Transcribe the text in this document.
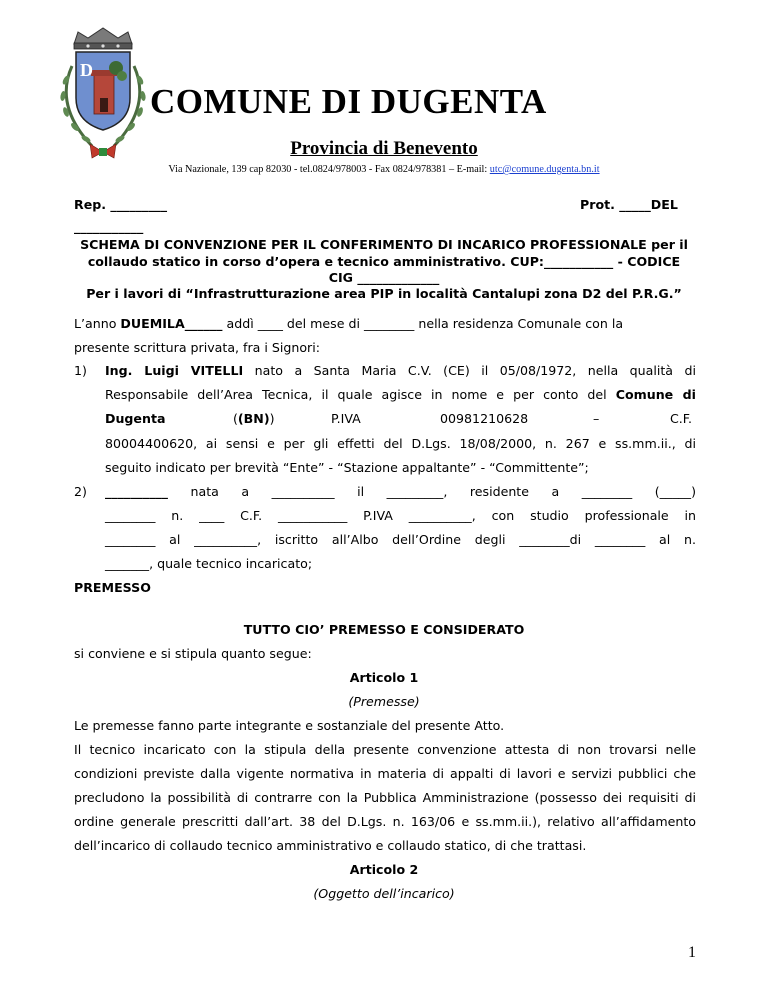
D
COMUNE DI DUGENTA
Provincia di Benevento
Via Nazionale, 139 cap 82030 - tel.0824/978003 - Fax 0824/978381 – E-mail: utc@comune.dugenta.bn.it
Rep. _________	Prot. _____DEL
___________
SCHEMA DI CONVENZIONE PER IL CONFERIMENTO DI INCARICO PROFESSIONALE per il
collaudo statico in corso d’opera e tecnico amministrativo. CUP:___________ - CODICE
CIG _____________
Per i lavori di “Infrastrutturazione area PIP in località Cantalupi zona D2 del P.R.G.”
L’anno DUEMILA______ addì ____ del mese di ________ nella residenza Comunale con la
presente scrittura privata, fra i Signori:
1) Ing. Luigi VITELLI nato a Santa Maria C.V. (CE) il 05/08/1972, nella qualità di
Responsabile dell’Area Tecnica, il quale agisce in nome e per conto del Comune di
Dugenta	((BN))	P.IVA	00981210628	–	C.F.
80004400620, ai sensi e per gli effetti del D.Lgs. 18/08/2000, n. 267 e ss.mm.ii., di
seguito indicato per brevità “Ente” - “Stazione appaltante” - “Committente”;
2) __________ nata a __________ il _________, residente a ________ (_____)
________ n. ____ C.F. ___________ P.IVA __________, con studio professionale in
________ al __________, iscritto all’Albo dell’Ordine degli ________di ________ al n.
_______, quale tecnico incaricato;
PREMESSO
TUTTO CIO’ PREMESSO E CONSIDERATO
si conviene e si stipula quanto segue:
Articolo 1
(Premesse)
Le premesse fanno parte integrante e sostanziale del presente Atto.
Il tecnico incaricato con la stipula della presente convenzione attesta di non trovarsi nelle
condizioni previste dalla vigente normativa in materia di appalti di lavori e servizi pubblici che
precludono la possibilità di contrarre con la Pubblica Amministrazione (possesso dei requisiti di
ordine generale prescritti dall’art. 38 del D.Lgs. n. 163/06 e ss.mm.ii.), relativo all’affidamento
dell’incarico di collaudo tecnico amministrativo e collaudo statico, di che trattasi.
Articolo 2
(Oggetto dell’incarico)
1
